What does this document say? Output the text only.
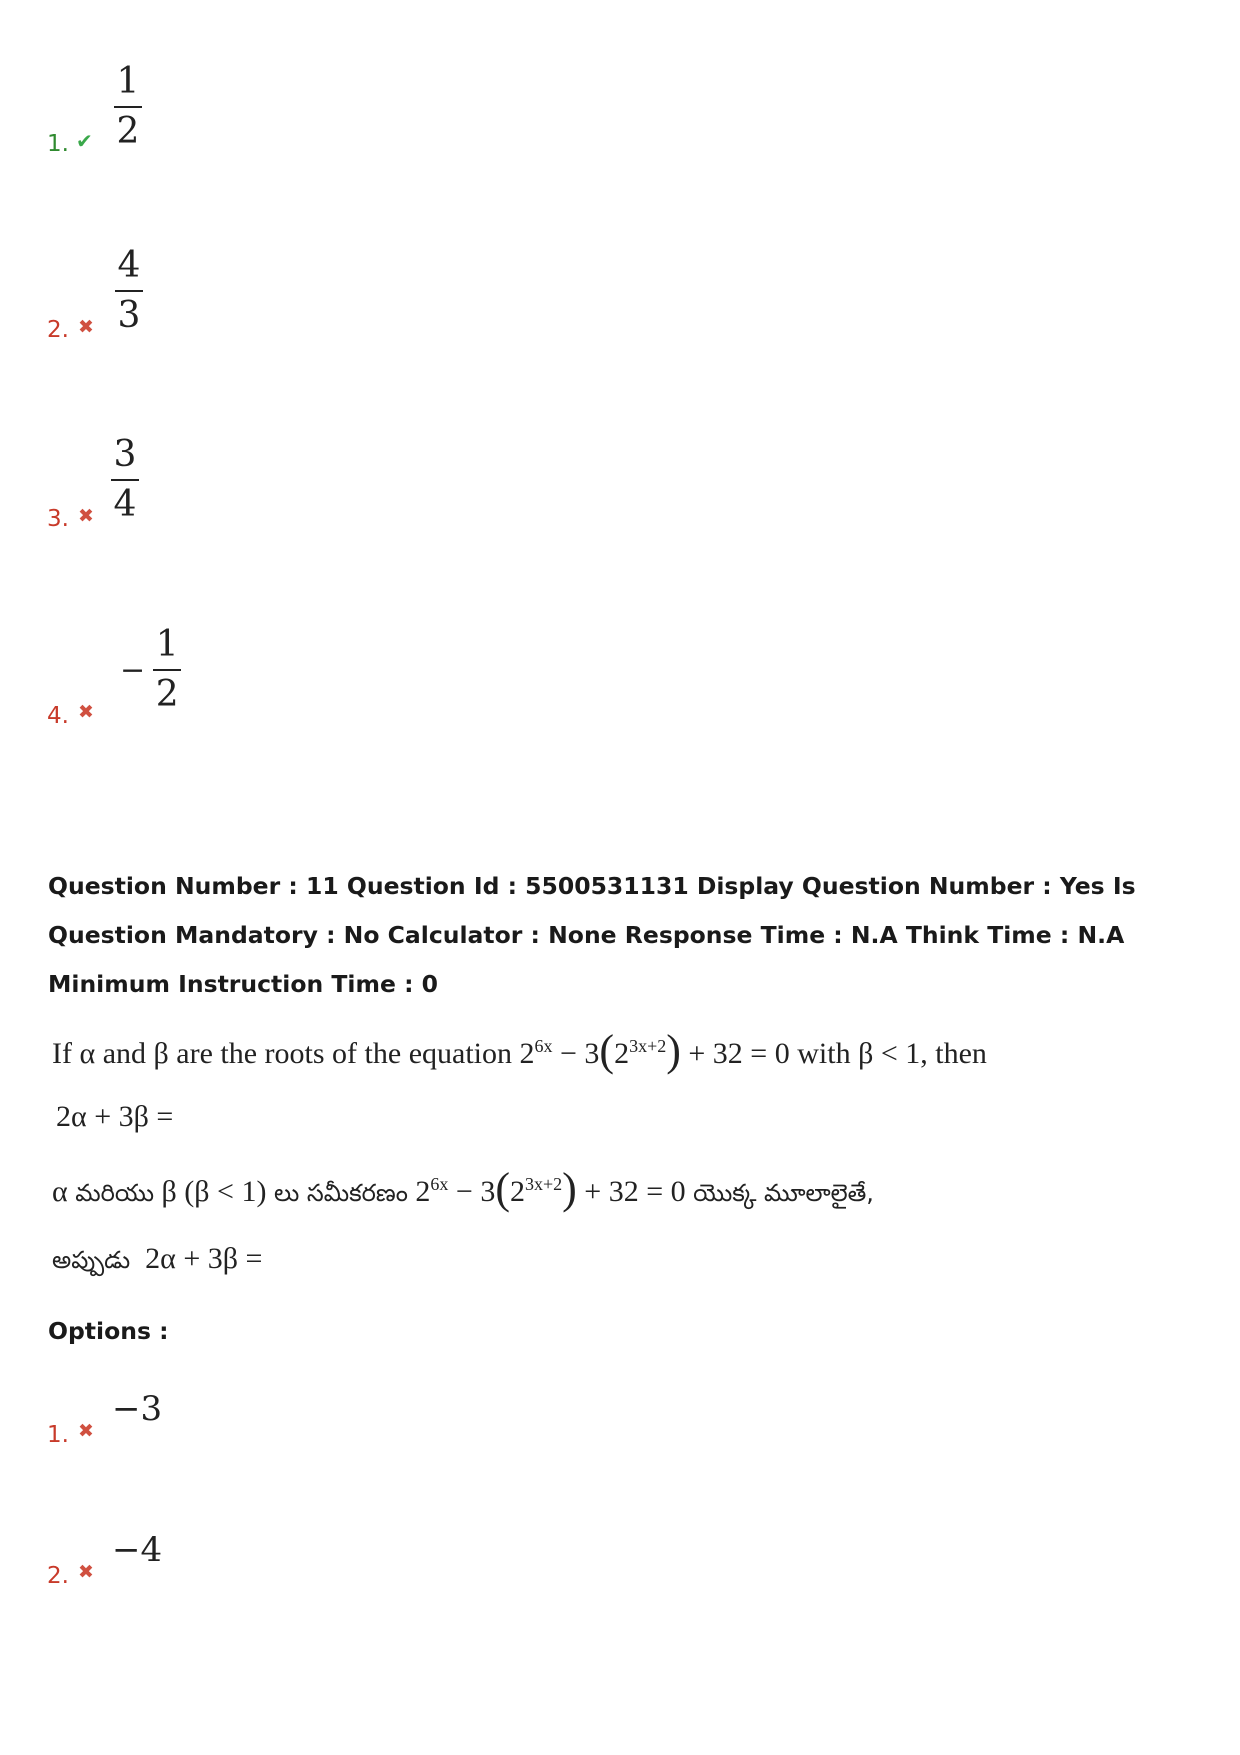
1. ✔
1
2
2. ✖
4
3
3. ✖
3
4
4. ✖
− $\frac{1}{2}$
Question Number : 11 Question Id : 5500531131 Display Question Number : Yes Is Question Mandatory : No Calculator : None Response Time : N.A Think Time : N.A Minimum Instruction Time : 0
If α and β are the roots of the equation $2^{6x} - 3(2^{3x+2}) + 32 = 0$ with β < 1, then
2α + 3β =
α మరియు β (β < 1) లు సమీకరణం $2^{6x} - 3(2^{3x+2}) + 32 = 0$ యొక్క మూలాలైతే,
అప్పుడు 2α + 3β =
Options :
1. ✖
−3
2. ✖
−4
